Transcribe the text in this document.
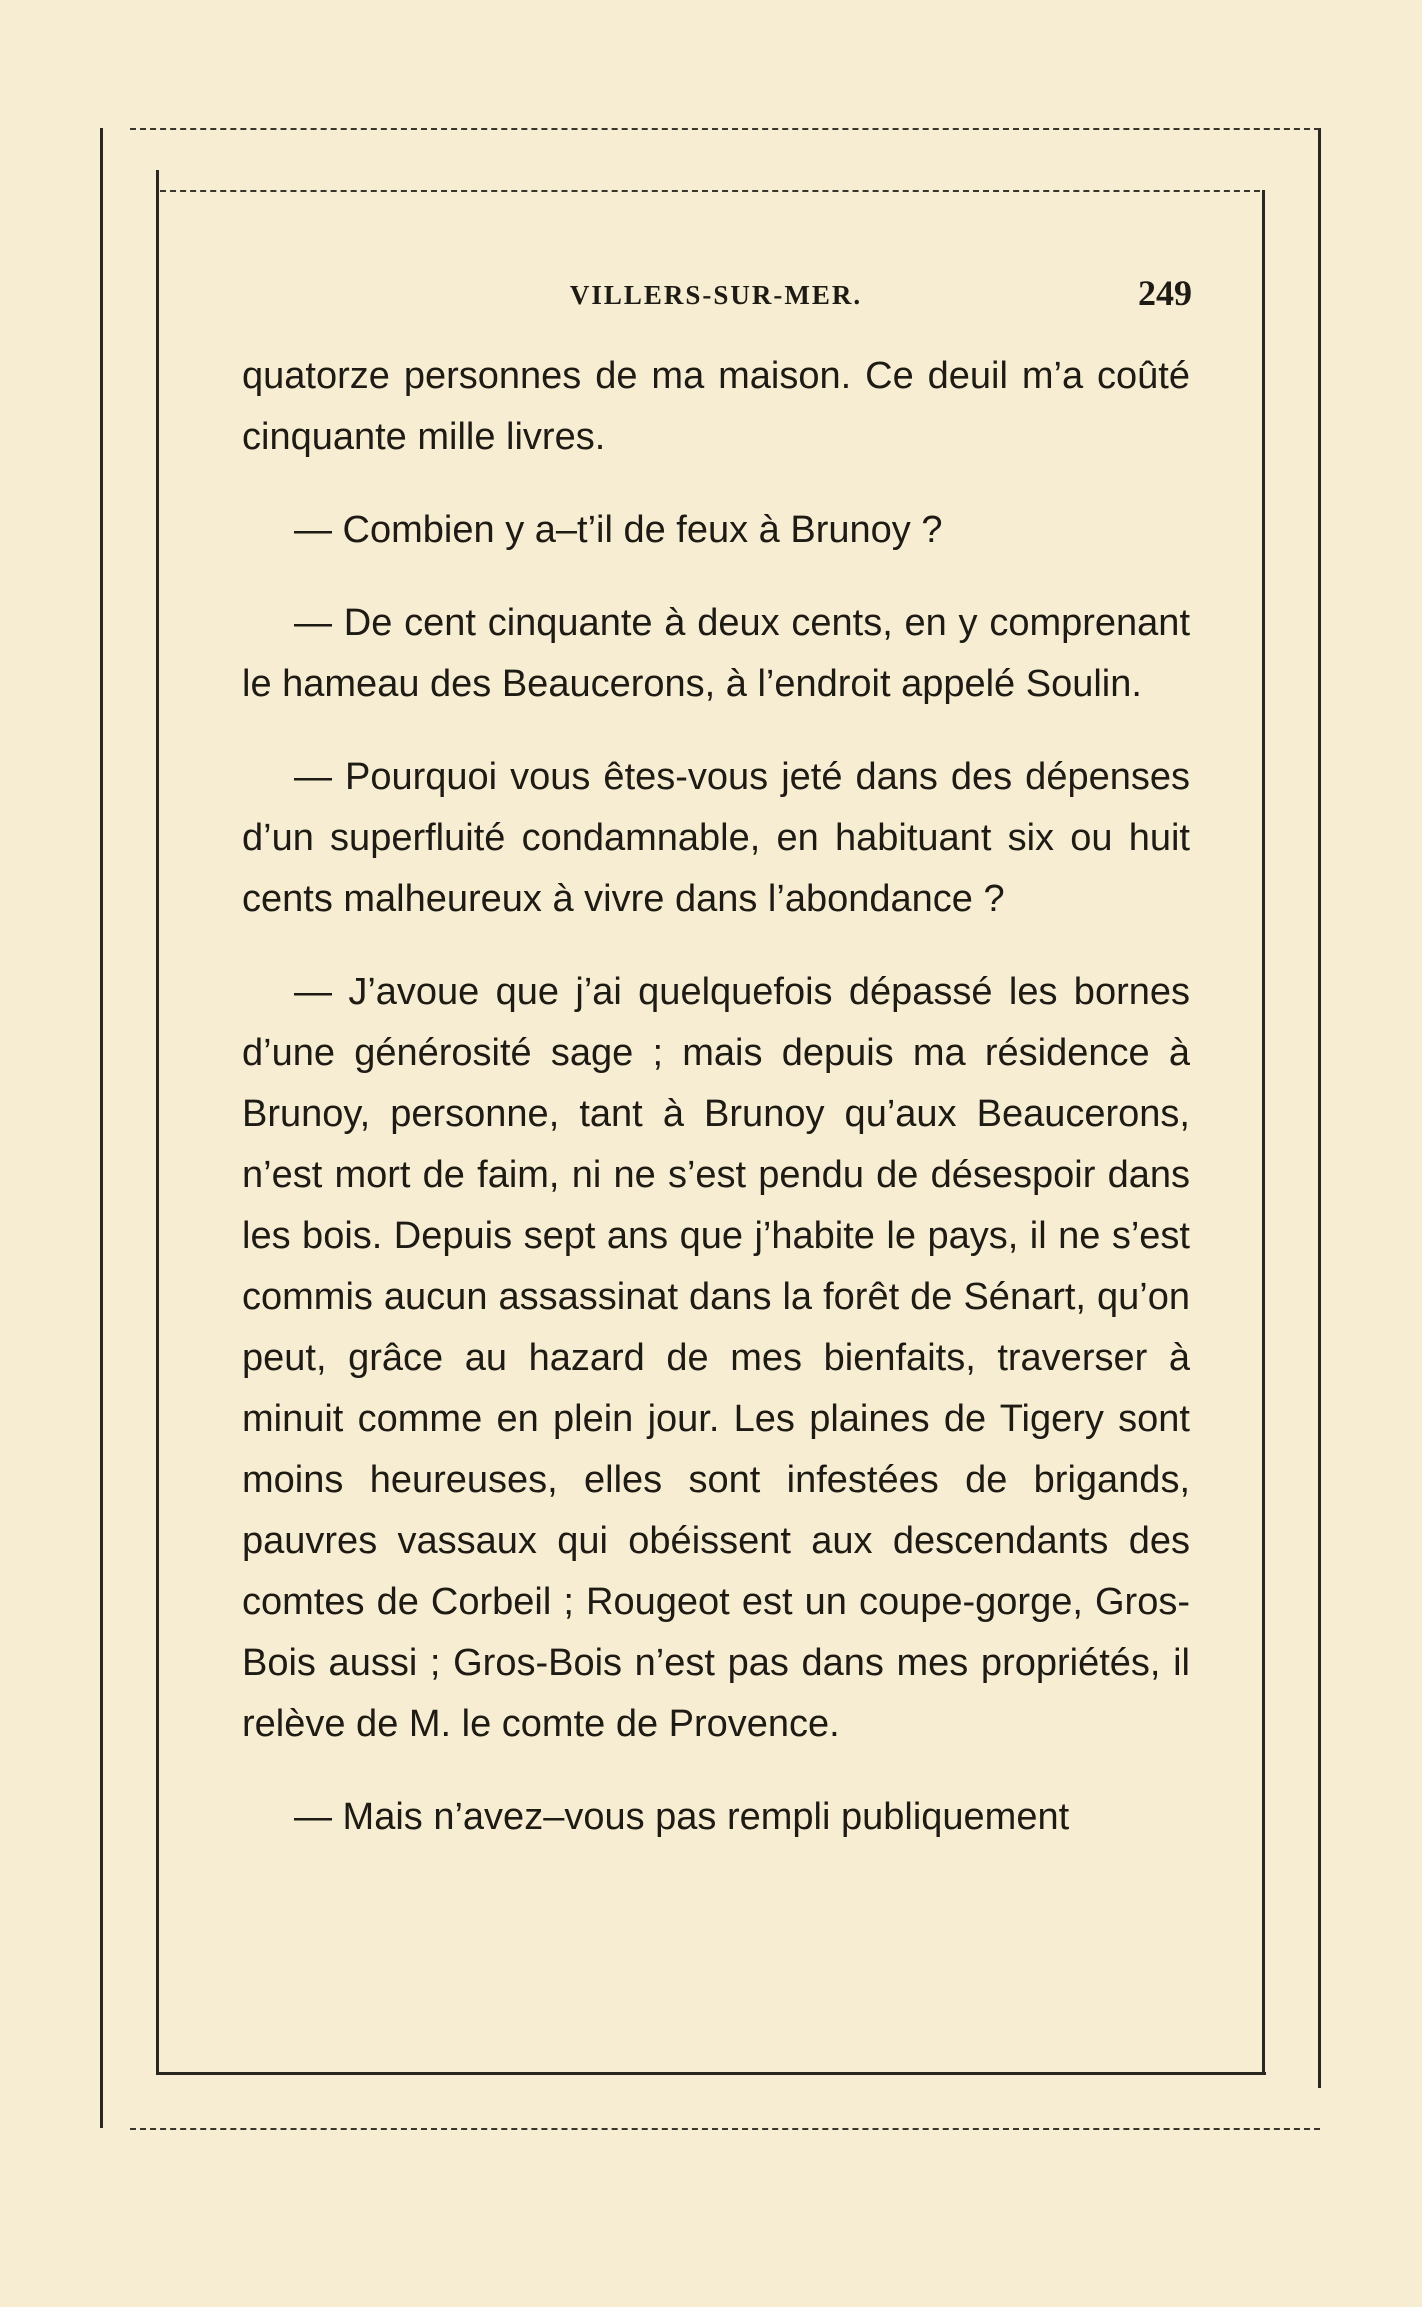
VILLERS-SUR-MER.	249

quatorze personnes de ma maison. Ce deuil m’a coûté cinquante mille livres.

— Combien y a–t’il de feux à Brunoy ?

— De cent cinquante à deux cents, en y comprenant le hameau des Beaucerons, à l’endroit appelé Soulin.

— Pourquoi vous êtes-vous jeté dans des dépenses d’un superfluité condamnable, en habituant six ou huit cents malheureux à vivre dans l’abondance ?

— J’avoue que j’ai quelquefois dépassé les bornes d’une générosité sage ; mais depuis ma résidence à Brunoy, personne, tant à Brunoy qu’aux Beaucerons, n’est mort de faim, ni ne s’est pendu de désespoir dans les bois. Depuis sept ans que j’habite le pays, il ne s’est commis aucun assassinat dans la forêt de Sénart, qu’on peut, grâce au hazard de mes bienfaits, traverser à minuit comme en plein jour. Les plaines de Tigery sont moins heureuses, elles sont infestées de brigands, pauvres vassaux qui obéissent aux descendants des comtes de Corbeil ; Rougeot est un coupe-gorge, Gros-Bois aussi ; Gros-Bois n’est pas dans mes propriétés, il relève de M. le comte de Provence.

— Mais n’avez–vous pas rempli publiquement
